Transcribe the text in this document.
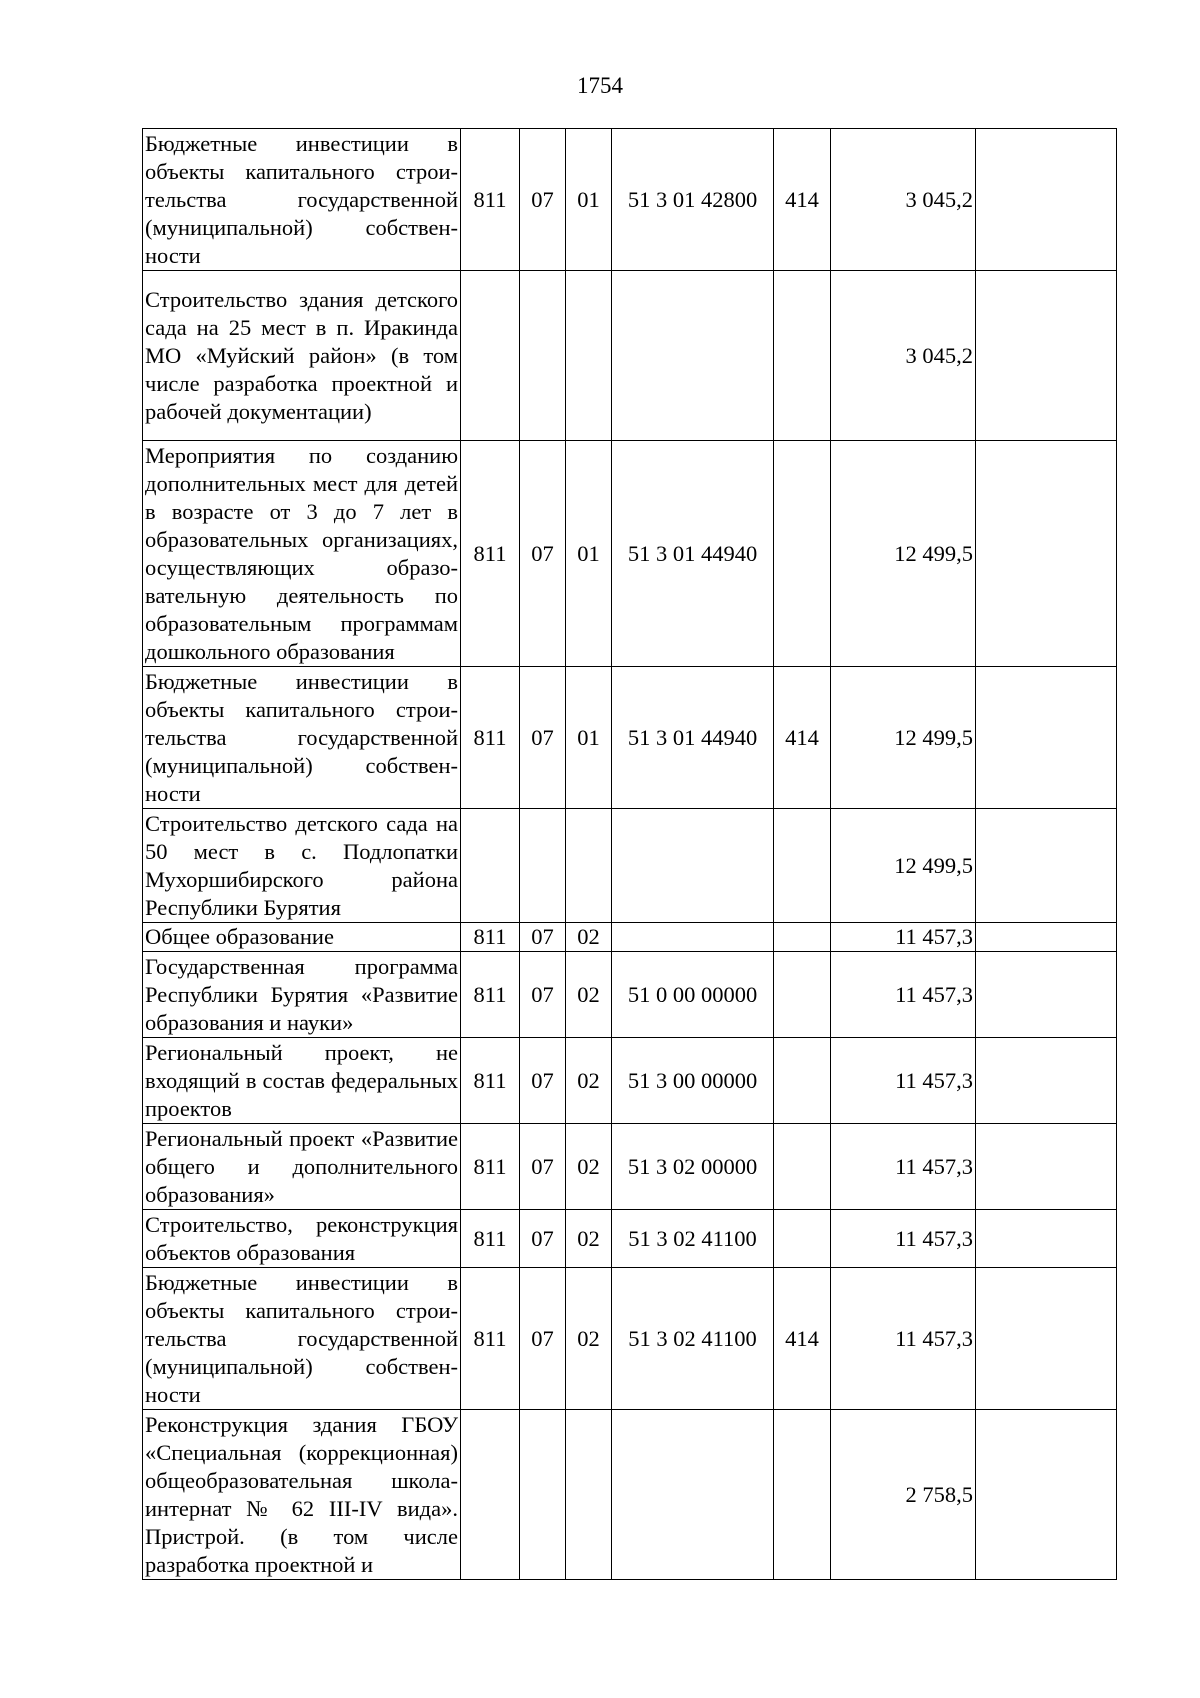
1754
Бюджетные инвестиции в объекты капитального строительства государственной (муниципальной) собственности	811	07	01	51 3 01 42800	414	3 045,2	
Строительство здания детского сада на 25 мест в п. Иракинда МО «Муйский район» (в том числе разработка проектной и рабочей документации)						3 045,2	
Мероприятия по созданию дополнительных мест для детей в возрасте от 3 до 7 лет в образовательных организациях, осуществляющих образовательную деятельность по образовательным программам дошкольного образования	811	07	01	51 3 01 44940		12 499,5	
Бюджетные инвестиции в объекты капитального строительства государственной (муниципальной) собственности	811	07	01	51 3 01 44940	414	12 499,5	
Строительство детского сада на 50 мест в с. Подлопатки Мухоршибирского района Республики Бурятия						12 499,5	
Общее образование	811	07	02			11 457,3	
Государственная программа Республики Бурятия «Развитие образования и науки»	811	07	02	51 0 00 00000		11 457,3	
Региональный проект, не входящий в состав федеральных проектов	811	07	02	51 3 00 00000		11 457,3	
Региональный проект «Развитие общего и дополнительного образования»	811	07	02	51 3 02 00000		11 457,3	
Строительство, реконструкция объектов образования	811	07	02	51 3 02 41100		11 457,3	
Бюджетные инвестиции в объекты капитального строительства государственной (муниципальной) собственности	811	07	02	51 3 02 41100	414	11 457,3	
Реконструкция здания ГБОУ «Специальная (коррекционная) общеобразовательная школа-интернат № 62 III-IV вида». Пристрой. (в том числе разработка проектной и						2 758,5	
